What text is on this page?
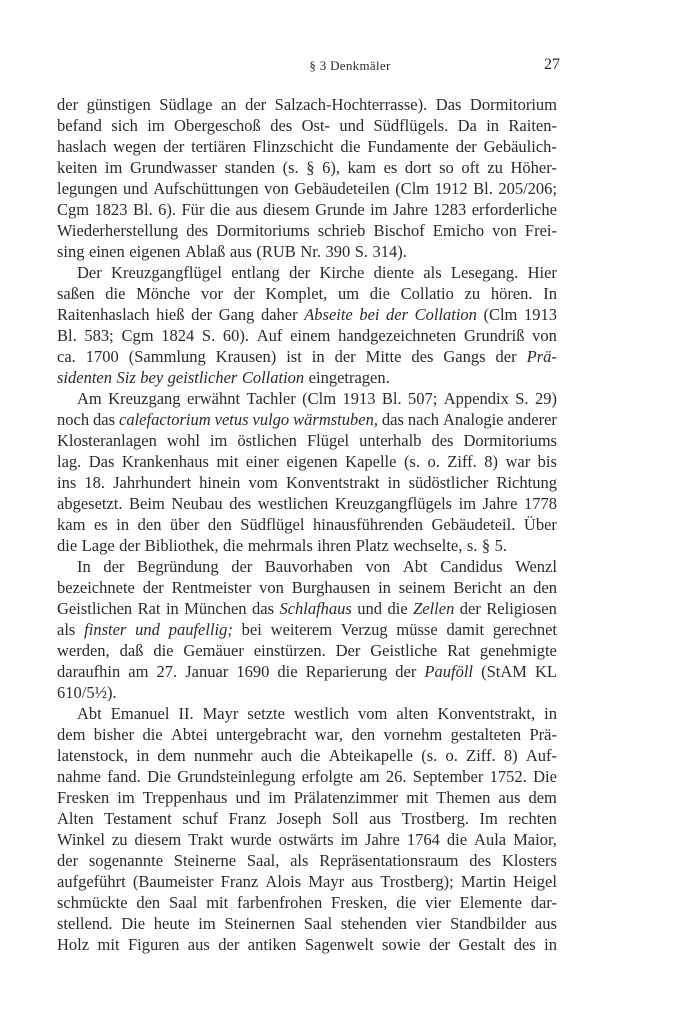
§ 3 Denkmäler	27
der günstigen Südlage an der Salzach-Hochterrasse). Das Dormitorium
befand sich im Obergeschoß des Ost- und Südflügels. Da in Raiten-
haslach wegen der tertiären Flinzschicht die Fundamente der Gebäulich-
keiten im Grundwasser standen (s. § 6), kam es dort so oft zu Höher-
legungen und Aufschüttungen von Gebäudeteilen (Clm 1912 Bl. 205/206;
Cgm 1823 Bl. 6). Für die aus diesem Grunde im Jahre 1283 erforderliche
Wiederherstellung des Dormitoriums schrieb Bischof Emicho von Frei-
sing einen eigenen Ablaß aus (RUB Nr. 390 S. 314).
Der Kreuzgangflügel entlang der Kirche diente als Lesegang. Hier
saßen die Mönche vor der Komplet, um die Collatio zu hören. In
Raitenhaslach hieß der Gang daher Abseite bei der Collation (Clm 1913
Bl. 583; Cgm 1824 S. 60). Auf einem handgezeichneten Grundriß von
ca. 1700 (Sammlung Krausen) ist in der Mitte des Gangs der Prä-
sidenten Siz bey geistlicher Collation eingetragen.
Am Kreuzgang erwähnt Tachler (Clm 1913 Bl. 507; Appendix S. 29)
noch das calefactorium vetus vulgo wärmstuben, das nach Analogie anderer
Klosteranlagen wohl im östlichen Flügel unterhalb des Dormitoriums
lag. Das Krankenhaus mit einer eigenen Kapelle (s. o. Ziff. 8) war bis
ins 18. Jahrhundert hinein vom Konventstrakt in südöstlicher Richtung
abgesetzt. Beim Neubau des westlichen Kreuzgangflügels im Jahre 1778
kam es in den über den Südflügel hinausführenden Gebäudeteil. Über
die Lage der Bibliothek, die mehrmals ihren Platz wechselte, s. § 5.
In der Begründung der Bauvorhaben von Abt Candidus Wenzl
bezeichnete der Rentmeister von Burghausen in seinem Bericht an den
Geistlichen Rat in München das Schlafhaus und die Zellen der Religiosen
als finster und paufellig; bei weiterem Verzug müsse damit gerechnet
werden, daß die Gemäuer einstürzen. Der Geistliche Rat genehmigte
daraufhin am 27. Januar 1690 die Reparierung der Pauföll (StAM KL
610/5½).
Abt Emanuel II. Mayr setzte westlich vom alten Konventstrakt, in
dem bisher die Abtei untergebracht war, den vornehm gestalteten Prä-
latenstock, in dem nunmehr auch die Abteikapelle (s. o. Ziff. 8) Auf-
nahme fand. Die Grundsteinlegung erfolgte am 26. September 1752. Die
Fresken im Treppenhaus und im Prälatenzimmer mit Themen aus dem
Alten Testament schuf Franz Joseph Soll aus Trostberg. Im rechten
Winkel zu diesem Trakt wurde ostwärts im Jahre 1764 die Aula Maior,
der sogenannte Steinerne Saal, als Repräsentationsraum des Klosters
aufgeführt (Baumeister Franz Alois Mayr aus Trostberg); Martin Heigel
schmückte den Saal mit farbenfrohen Fresken, die vier Elemente dar-
stellend. Die heute im Steinernen Saal stehenden vier Standbilder aus
Holz mit Figuren aus der antiken Sagenwelt sowie der Gestalt des in
